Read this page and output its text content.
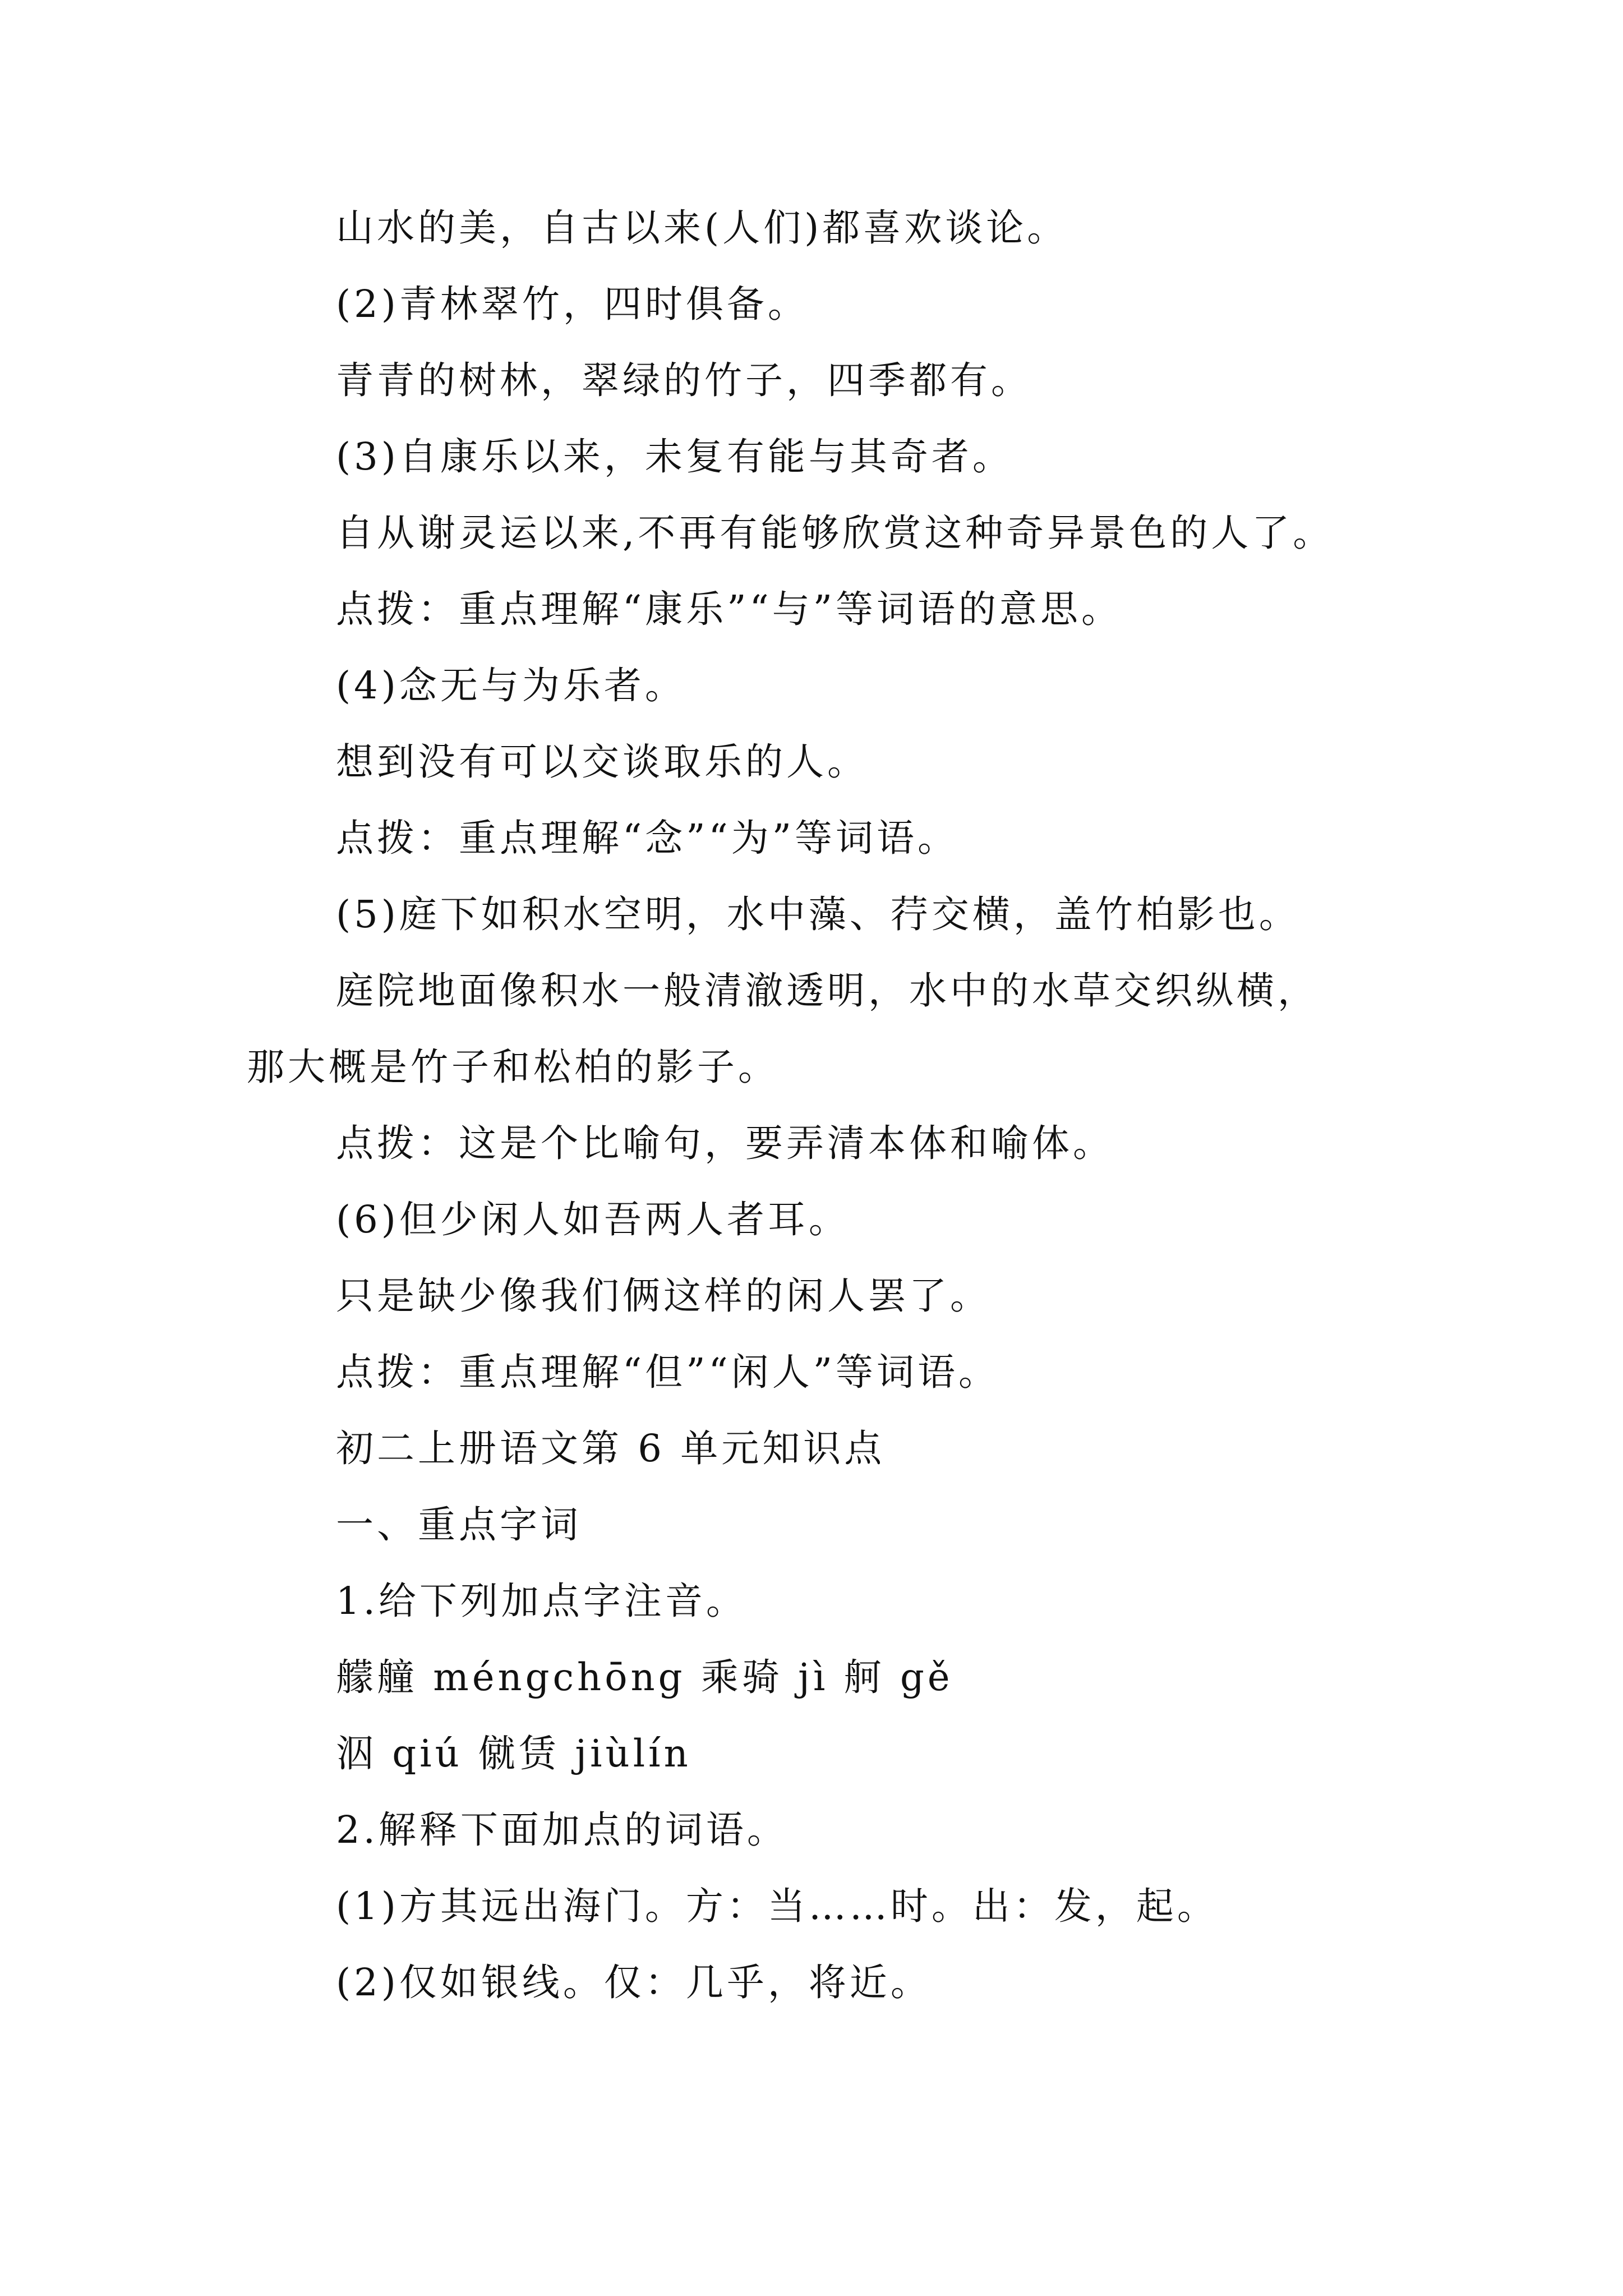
山水的美，自古以来(人们)都喜欢谈论。
(2)青林翠竹，四时俱备。
青青的树林，翠绿的竹子，四季都有。
(3)自康乐以来，未复有能与其奇者。
自从谢灵运以来,不再有能够欣赏这种奇异景色的人了。
点拨：重点理解“康乐”“与”等词语的意思。
(4)念无与为乐者。
想到没有可以交谈取乐的人。
点拨：重点理解“念”“为”等词语。
(5)庭下如积水空明，水中藻、荇交横，盖竹柏影也。
庭院地面像积水一般清澈透明，水中的水草交织纵横，
那大概是竹子和松柏的影子。
点拨：这是个比喻句，要弄清本体和喻体。
(6)但少闲人如吾两人者耳。
只是缺少像我们俩这样的闲人罢了。
点拨：重点理解“但”“闲人”等词语。
初二上册语文第 6 单元知识点
一、重点字词
1.给下列加点字注音。
艨艟 méngchōng 乘骑 jì 舸 gě
泅 qiú 僦赁 jiùlín
2.解释下面加点的词语。
(1)方其远出海门。方：当……时。出：发，起。
(2)仅如银线。仅：几乎，将近。
